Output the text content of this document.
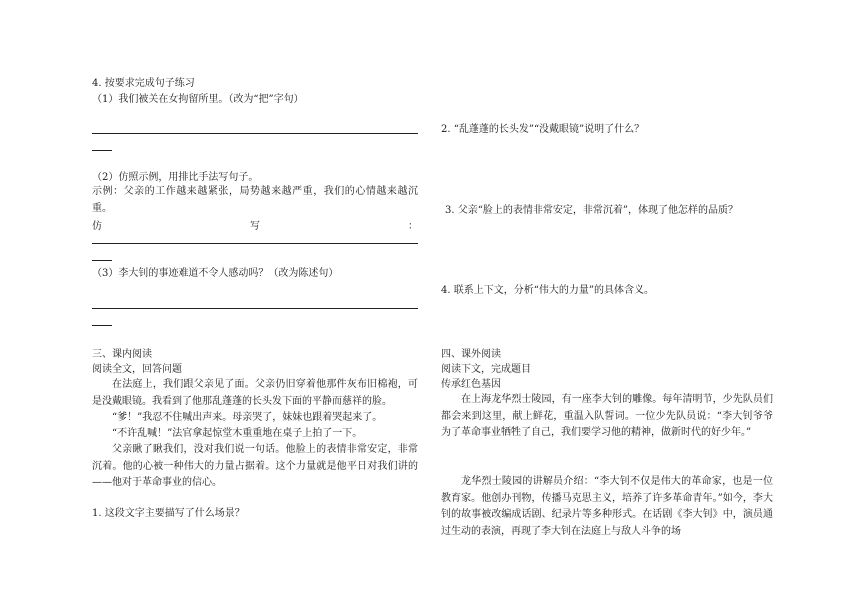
4. 按要求完成句子练习
（1）我们被关在女拘留所里。（改为“把”字句）
（2）仿照示例，用排比手法写句子。
示例：父亲的工作越来越紧张，局势越来越严重，我们的心情越来越沉重。
仿	写	：
（3）李大钊的事迹难道不令人感动吗？（改为陈述句）
三、课内阅读
阅读全文，回答问题
在法庭上，我们跟父亲见了面。父亲仍旧穿着他那件灰布旧棉袍，可是没戴眼镜。我看到了他那乱蓬蓬的长头发下面的平静而慈祥的脸。
“爹！”我忍不住喊出声来。母亲哭了，妹妹也跟着哭起来了。
“不许乱喊！”法官拿起惊堂木重重地在桌子上拍了一下。
父亲瞅了瞅我们，没对我们说一句话。他脸上的表情非常安定，非常沉着。他的心被一种伟大的力量占据着。这个力量就是他平日对我们讲的——他对于革命事业的信心。
1. 这段文字主要描写了什么场景？
2. “乱蓬蓬的长头发”“没戴眼镜”说明了什么？
3. 父亲“脸上的表情非常安定，非常沉着”，体现了他怎样的品质？
4. 联系上下文，分析“伟大的力量”的具体含义。
四、课外阅读
阅读下文，完成题目
传承红色基因
在上海龙华烈士陵园，有一座李大钊的雕像。每年清明节，少先队员们都会来到这里，献上鲜花，重温入队誓词。一位少先队员说：“李大钊爷爷为了革命事业牺牲了自己，我们要学习他的精神，做新时代的好少年。”
龙华烈士陵园的讲解员介绍：“李大钊不仅是伟大的革命家，也是一位教育家。他创办刊物，传播马克思主义，培养了许多革命青年。”如今，李大钊的故事被改编成话剧、纪录片等多种形式。在话剧《李大钊》中，演员通过生动的表演，再现了李大钊在法庭上与敌人斗争的场
